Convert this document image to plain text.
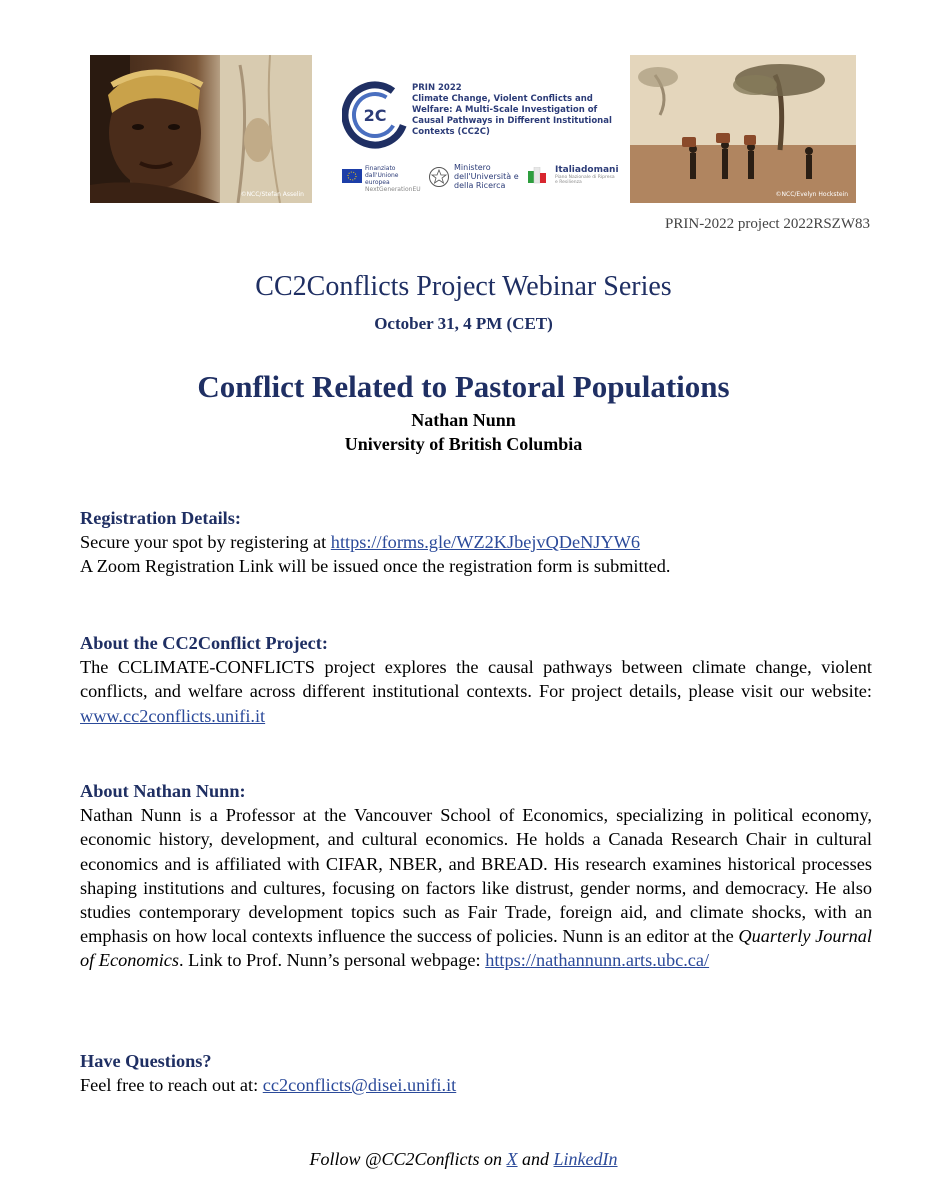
©NCC/Stefan Asselin
2C
PRIN 2022
Climate Change, Violent Conflicts and Welfare: A Multi-Scale Investigation of Causal Pathways in Different Institutional Contexts (CC2C)
Finanziato dall'Unione europea
NextGenerationEU
Ministero dell'Università e della Ricerca
Italiadomani
Piano Nazionale di Ripresa e Resilienza
©NCC/Evelyn Hockstein
PRIN-2022 project 2022RSZW83
CC2Conflicts Project Webinar Series
October 31, 4 PM (CET)
Conflict Related to Pastoral Populations
Nathan Nunn
University of British Columbia
Registration Details:
Secure your spot by registering at https://forms.gle/WZ2KJbejvQDeNJYW6
A Zoom Registration Link will be issued once the registration form is submitted.
About the CC2Conflict Project:
The CCLIMATE-CONFLICTS project explores the causal pathways between climate change, violent conflicts, and welfare across different institutional contexts. For project details, please visit our website: www.cc2conflicts.unifi.it
About Nathan Nunn:
Nathan Nunn is a Professor at the Vancouver School of Economics, specializing in political economy, economic history, development, and cultural economics. He holds a Canada Research Chair in cultural economics and is affiliated with CIFAR, NBER, and BREAD. His research examines historical processes shaping institutions and cultures, focusing on factors like distrust, gender norms, and democracy. He also studies contemporary development topics such as Fair Trade, foreign aid, and climate shocks, with an emphasis on how local contexts influence the success of policies. Nunn is an editor at the Quarterly Journal of Economics. Link to Prof. Nunn’s personal webpage: https://nathannunn.arts.ubc.ca/
Have Questions?
Feel free to reach out at: cc2conflicts@disei.unifi.it
Follow @CC2Conflicts on X and LinkedIn
